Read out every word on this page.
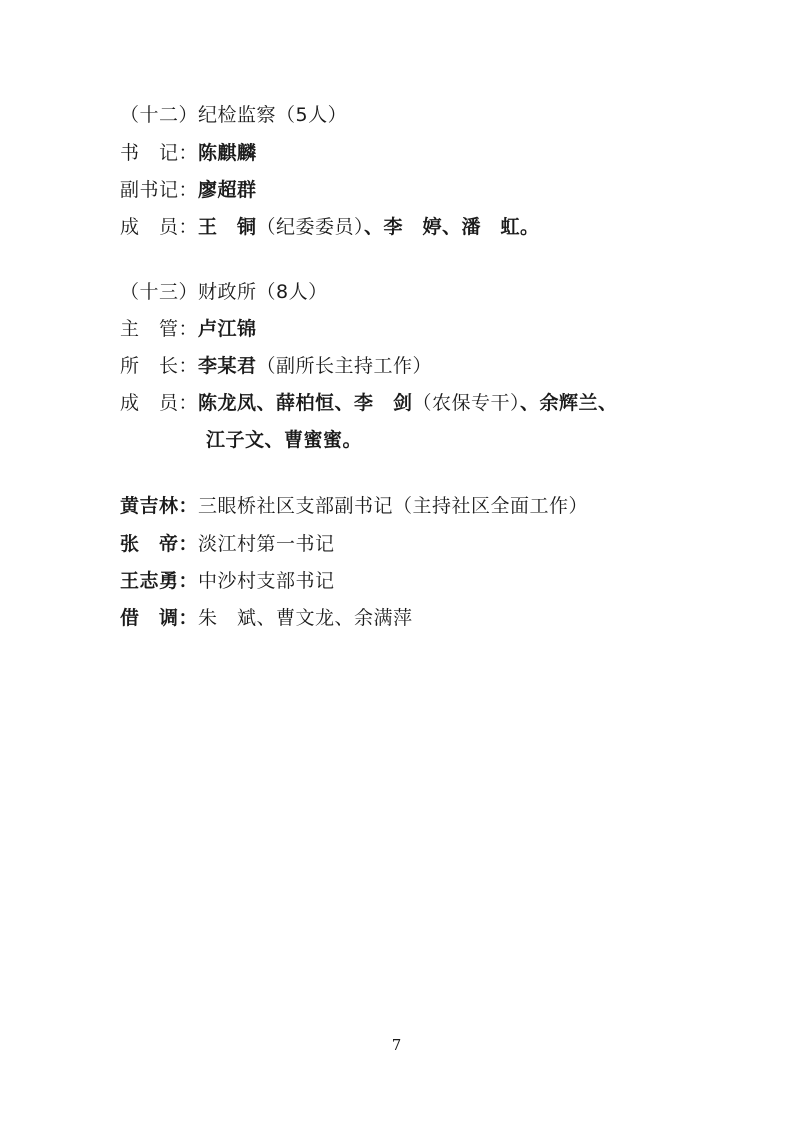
（十二）纪检监察（5人）
书　记：陈麒麟
副书记：廖超群
成　员：王　铜（纪委委员）、李　婷、潘　虹。
（十三）财政所（8人）
主　管：卢江锦
所　长：李某君（副所长主持工作）
成　员：陈龙凤、薛柏恒、李　剑（农保专干）、余辉兰、
江子文、曹蜜蜜。
黄吉林：三眼桥社区支部副书记（主持社区全面工作）
张　帝：淡江村第一书记
王志勇：中沙村支部书记
借　调：朱　斌、曹文龙、余满萍
7
